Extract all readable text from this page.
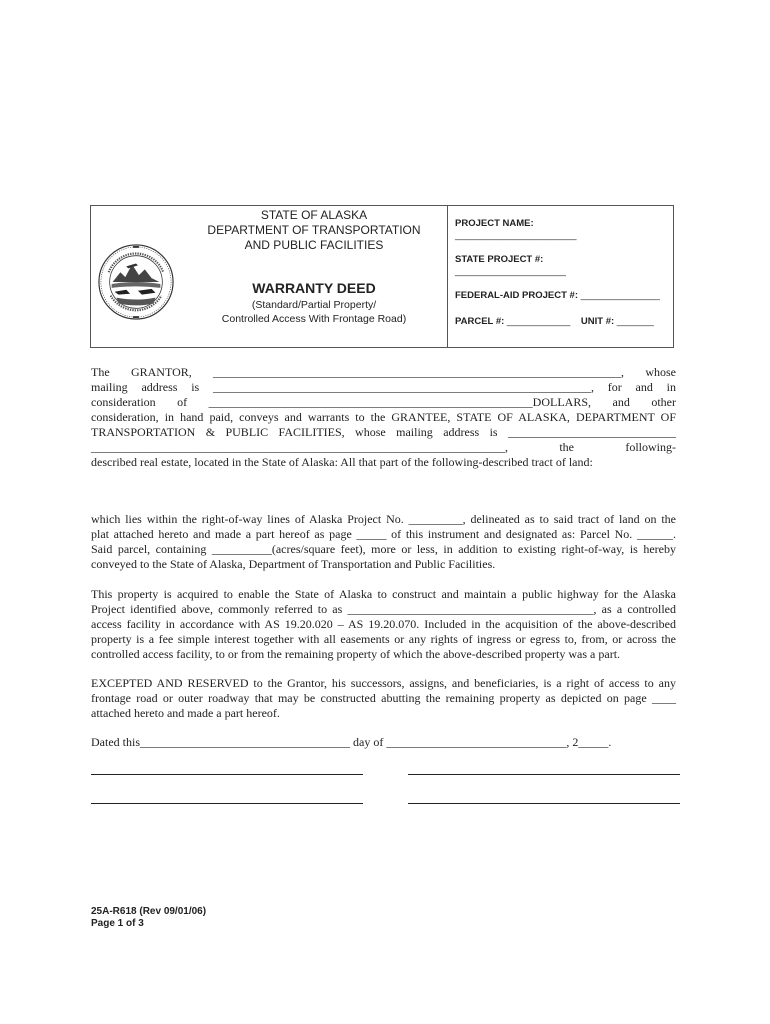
STATE OF ALASKA
DEPARTMENT OF TRANSPORTATION
AND PUBLIC FACILITIES
WARRANTY DEED
(Standard/Partial Property/
Controlled Access With Frontage Road)
PROJECT NAME:
_______________________
STATE PROJECT #:
_____________________
FEDERAL-AID PROJECT #: _______________
PARCEL #: ____________ UNIT #: _______
The GRANTOR, ____________________________________________________________________, whose
mailing address is _______________________________________________________________, for and in
consideration of ______________________________________________________DOLLARS, and other
consideration, in hand paid, conveys and warrants to the GRANTEE, STATE OF ALASKA, DEPARTMENT OF
TRANSPORTATION & PUBLIC FACILITIES, whose mailing address is ____________________________
_____________________________________________________________________, the following-
described real estate, located in the State of Alaska: All that part of the following-described tract of land:
which lies within the right-of-way lines of Alaska Project No. _________, delineated as to said tract of land on the
plat attached hereto and made a part hereof as page _____ of this instrument and designated as: Parcel No. ______.
Said parcel, containing __________(acres/square feet), more or less, in addition to existing right-of-way, is hereby
conveyed to the State of Alaska, Department of Transportation and Public Facilities.
This property is acquired to enable the State of Alaska to construct and maintain a public highway for the Alaska
Project identified above, commonly referred to as _________________________________________, as a controlled
access facility in accordance with AS 19.20.020 – AS 19.20.070. Included in the acquisition of the above-described
property is a fee simple interest together with all easements or any rights of ingress or egress to, from, or across the
controlled access facility, to or from the remaining property of which the above-described property was a part.
EXCEPTED AND RESERVED to the Grantor, his successors, assigns, and beneficiaries, is a right of access to any
frontage road or outer roadway that may be constructed abutting the remaining property as depicted on page ____
attached hereto and made a part hereof.
Dated this___________________________________ day of ______________________________, 2_____.
25A-R618 (Rev 09/01/06)
Page 1 of 3
